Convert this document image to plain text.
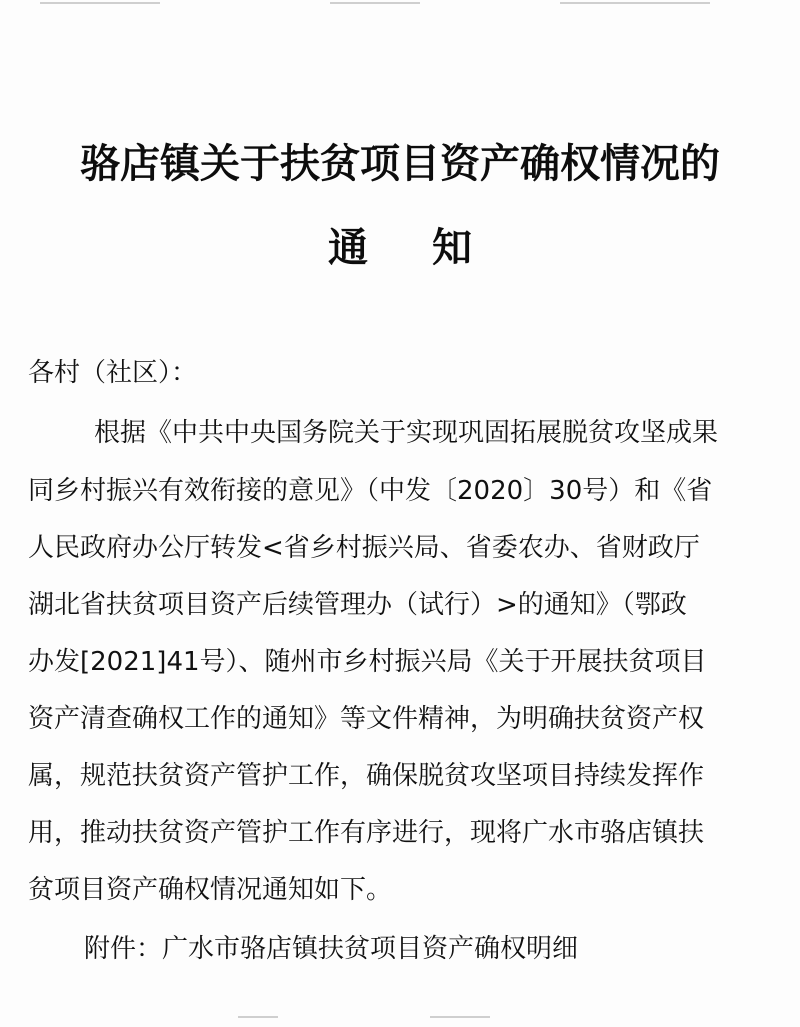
骆店镇关于扶贫项目资产确权情况的
通 知
各村（社区）：
根据《中共中央国务院关于实现巩固拓展脱贫攻坚成果
同乡村振兴有效衔接的意见》（中发〔2020〕30号）和《省
人民政府办公厅转发<省乡村振兴局、省委农办、省财政厅
湖北省扶贫项目资产后续管理办（试行）>的通知》（鄂政
办发[2021]41号）、随州市乡村振兴局《关于开展扶贫项目
资产清查确权工作的通知》等文件精神，为明确扶贫资产权
属，规范扶贫资产管护工作，确保脱贫攻坚项目持续发挥作
用，推动扶贫资产管护工作有序进行，现将广水市骆店镇扶
贫项目资产确权情况通知如下。
附件：广水市骆店镇扶贫项目资产确权明细
